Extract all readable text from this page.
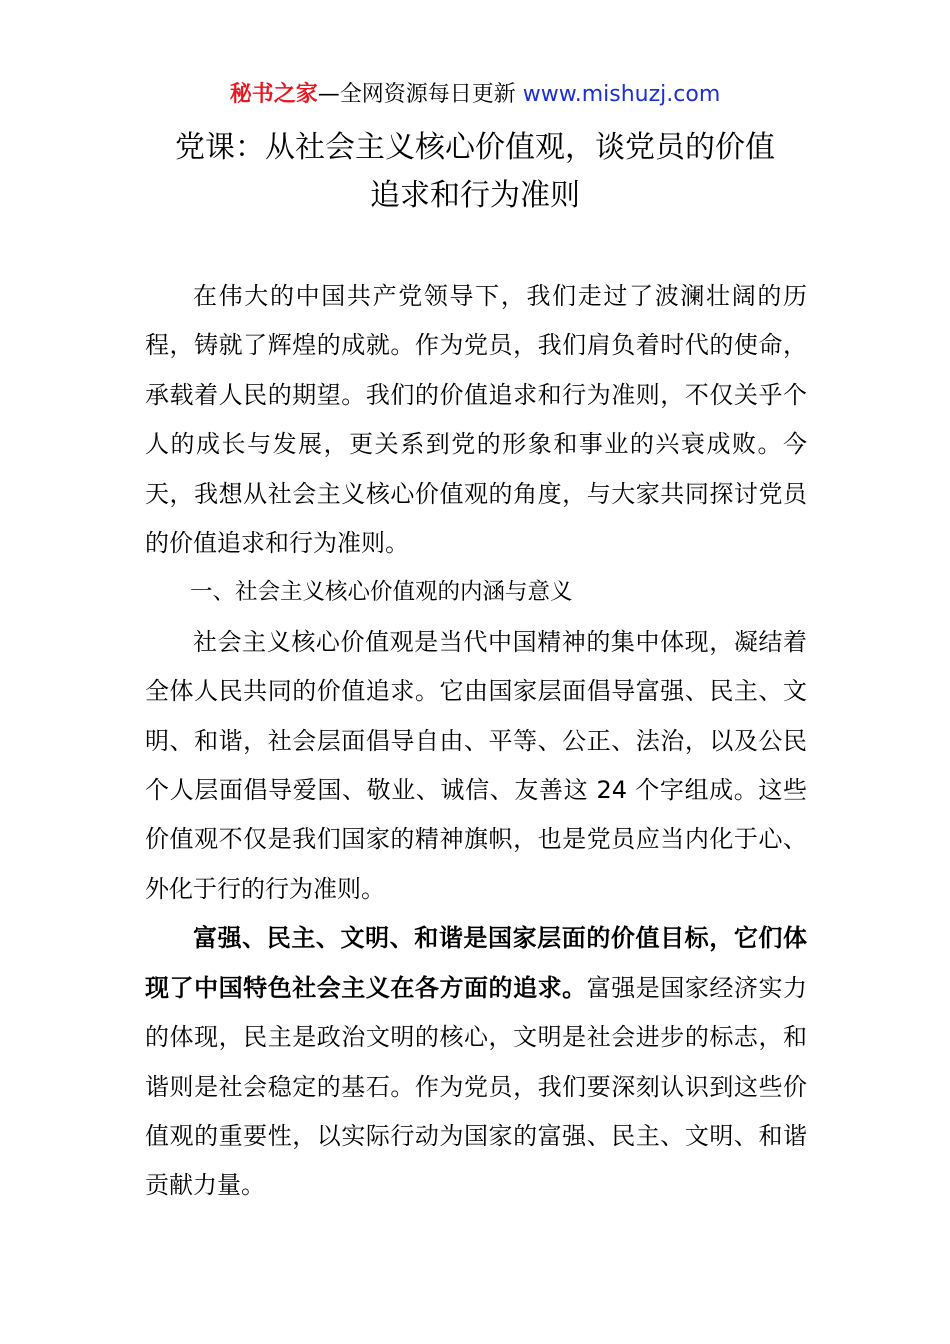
秘书之家—全网资源每日更新 www.mishuzj.com
党课：从社会主义核心价值观，谈党员的价值
追求和行为准则

在伟大的中国共产党领导下，我们走过了波澜壮阔的历程，铸就了辉煌的成就。作为党员，我们肩负着时代的使命，承载着人民的期望。我们的价值追求和行为准则，不仅关乎个人的成长与发展，更关系到党的形象和事业的兴衰成败。今天，我想从社会主义核心价值观的角度，与大家共同探讨党员的价值追求和行为准则。

一、社会主义核心价值观的内涵与意义

社会主义核心价值观是当代中国精神的集中体现，凝结着全体人民共同的价值追求。它由国家层面倡导富强、民主、文明、和谐，社会层面倡导自由、平等、公正、法治，以及公民个人层面倡导爱国、敬业、诚信、友善这 24 个字组成。这些价值观不仅是我们国家的精神旗帜，也是党员应当内化于心、外化于行的行为准则。

富强、民主、文明、和谐是国家层面的价值目标，它们体现了中国特色社会主义在各方面的追求。富强是国家经济实力的体现，民主是政治文明的核心，文明是社会进步的标志，和谐则是社会稳定的基石。作为党员，我们要深刻认识到这些价值观的重要性，以实际行动为国家的富强、民主、文明、和谐贡献力量。
